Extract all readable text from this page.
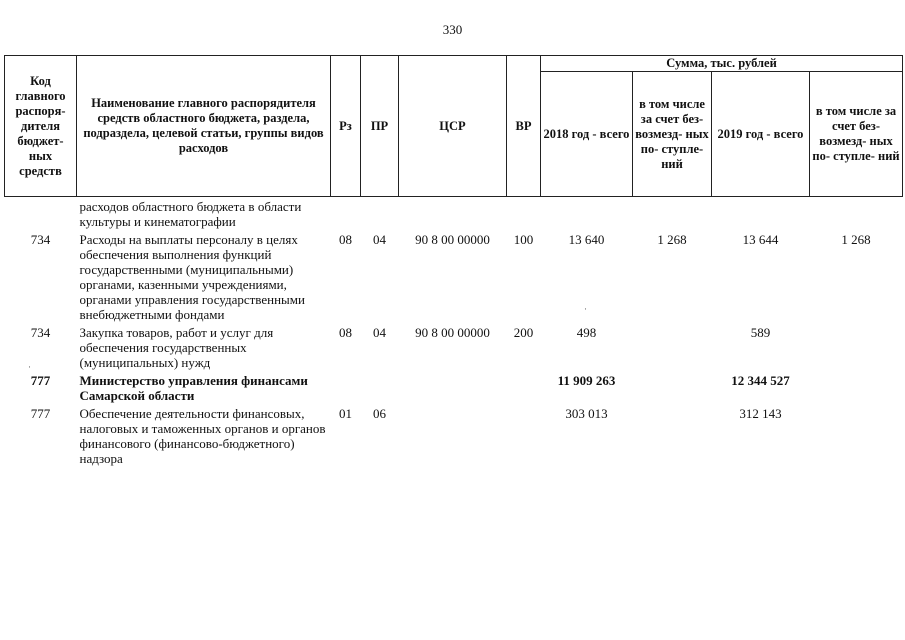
330
Код главного распоря- дителя бюджет- ных средств	Наименование главного распорядителя средств областного бюджета, раздела, подраздела, целевой статьи, группы видов расходов	Рз	ПР	ЦСР	ВР	Сумма, тыс. рублей			
						2018 год - всего	в том числе за счет без- возмезд- ных по- ступле- ний	2019 год - всего	в том числе за счет без- возмезд- ных по- ступле- ний
	расходов областного бюджета в области культуры и кинематографии								
734	Расходы на выплаты персоналу в целях обеспечения выполнения функций государственными (муниципальными) органами, казенными учреждениями, органами управления государственными внебюджетными фондами	08	04	90 8 00 00000	100	13 640	1 268	13 644	1 268
734	Закупка товаров, работ и услуг для обеспечения государственных (муниципальных) нужд	08	04	90 8 00 00000	200	498		589	
777	Министерство управления финансами Самарской области					11 909 263		12 344 527	
777	Обеспечение деятельности финансовых, налоговых и таможенных органов и органов финансового (финансово-бюджетного) надзора	01	06			303 013		312 143	
·
·
